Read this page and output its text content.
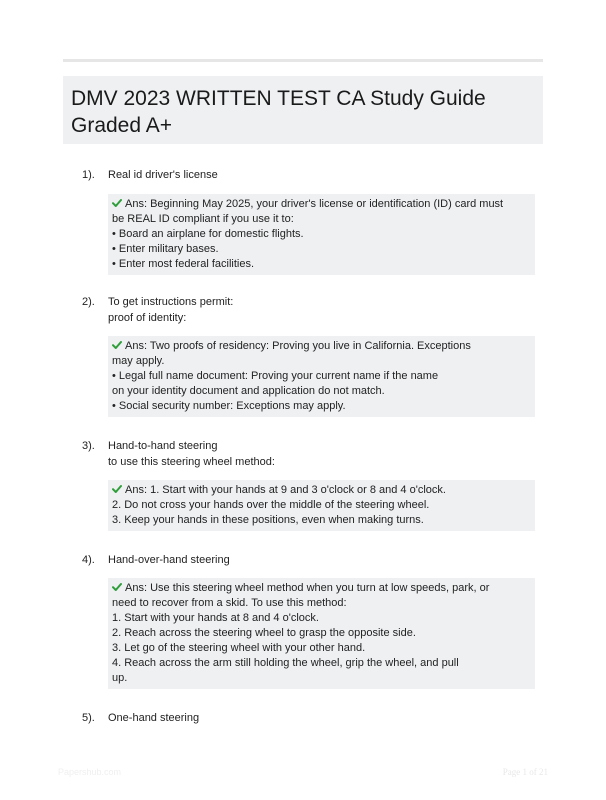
DMV 2023 WRITTEN TEST CA Study Guide Graded A+
1). Real id driver's license
Ans: Beginning May 2025, your driver's license or identification (ID) card must
be REAL ID compliant if you use it to:
• Board an airplane for domestic flights.
• Enter military bases.
• Enter most federal facilities.
2). To get instructions permit:
proof of identity:
Ans: Two proofs of residency: Proving you live in California. Exceptions
may apply.
• Legal full name document: Proving your current name if the name
on your identity document and application do not match.
• Social security number: Exceptions may apply.
3). Hand-to-hand steering
to use this steering wheel method:
Ans: 1. Start with your hands at 9 and 3 o'clock or 8 and 4 o'clock.
2. Do not cross your hands over the middle of the steering wheel.
3. Keep your hands in these positions, even when making turns.
4). Hand-over-hand steering
Ans: Use this steering wheel method when you turn at low speeds, park, or
need to recover from a skid. To use this method:
1. Start with your hands at 8 and 4 o'clock.
2. Reach across the steering wheel to grasp the opposite side.
3. Let go of the steering wheel with your other hand.
4. Reach across the arm still holding the wheel, grip the wheel, and pull
up.
5). One-hand steering
Papershub.com	Page 1 of 21
